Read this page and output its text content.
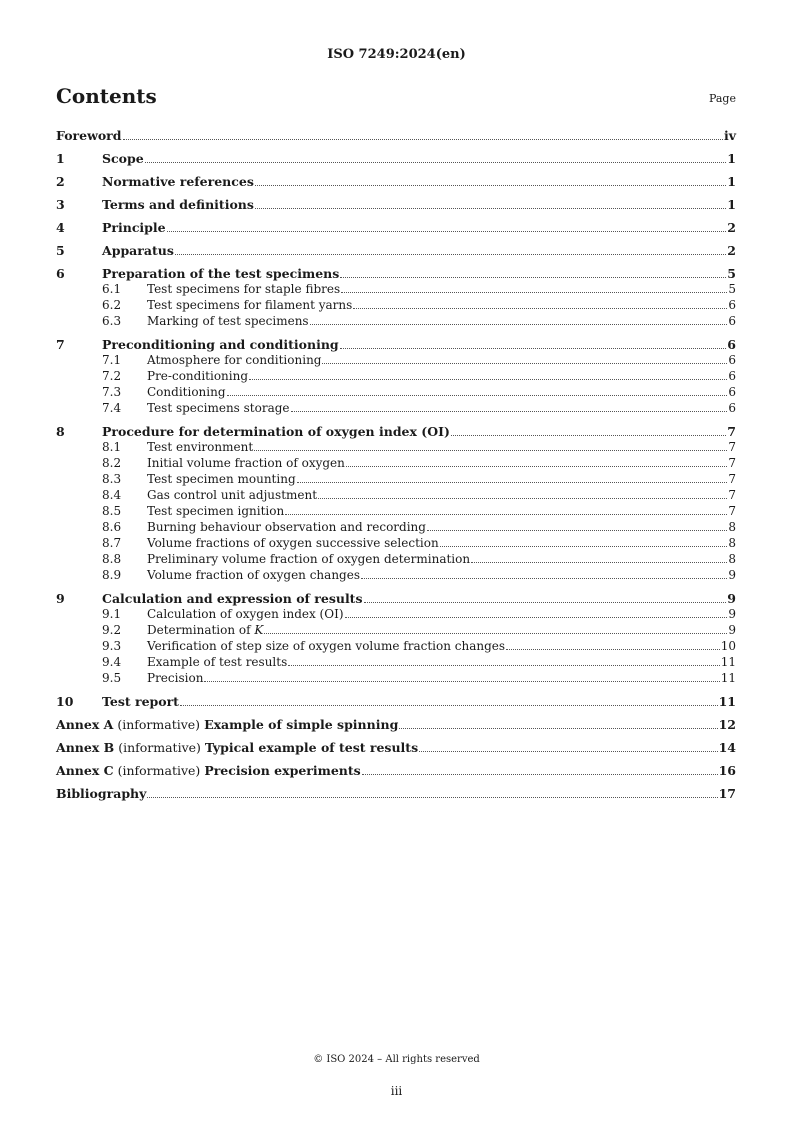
ISO 7249:2024(en)
Contents	Page
Foreword	iv
1	Scope	1
2	Normative references	1
3	Terms and definitions	1
4	Principle	2
5	Apparatus	2
6	Preparation of the test specimens	5
6.1	Test specimens for staple fibres	5
6.2	Test specimens for filament yarns	6
6.3	Marking of test specimens	6
7	Preconditioning and conditioning	6
7.1	Atmosphere for conditioning	6
7.2	Pre-conditioning	6
7.3	Conditioning	6
7.4	Test specimens storage	6
8	Procedure for determination of oxygen index (OI)	7
8.1	Test environment	7
8.2	Initial volume fraction of oxygen	7
8.3	Test specimen mounting	7
8.4	Gas control unit adjustment	7
8.5	Test specimen ignition	7
8.6	Burning behaviour observation and recording	8
8.7	Volume fractions of oxygen successive selection	8
8.8	Preliminary volume fraction of oxygen determination	8
8.9	Volume fraction of oxygen changes	9
9	Calculation and expression of results	9
9.1	Calculation of oxygen index (OI)	9
9.2	Determination of K	9
9.3	Verification of step size of oxygen volume fraction changes	10
9.4	Example of test results	11
9.5	Precision	11
10	Test report	11
Annex A (informative) Example of simple spinning	12
Annex B (informative) Typical example of test results	14
Annex C (informative) Precision experiments	16
Bibliography	17
© ISO 2024 – All rights reserved
iii
